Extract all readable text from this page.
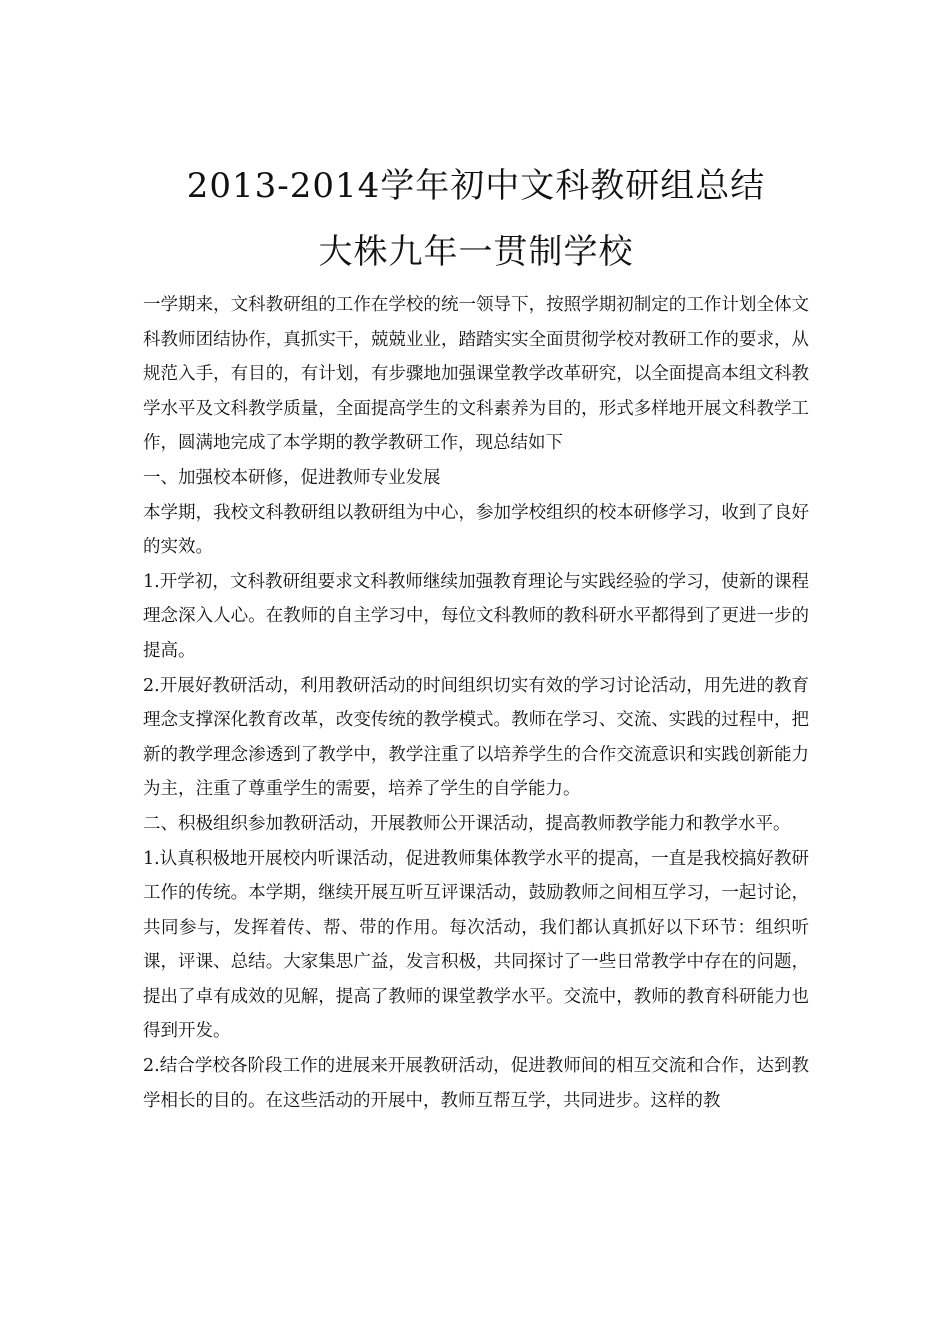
2013-2014学年初中文科教研组总结
大株九年一贯制学校

一学期来，文科教研组的工作在学校的统一领导下，按照学期初制定的工作计划全体文科教师团结协作，真抓实干，兢兢业业，踏踏实实全面贯彻学校对教研工作的要求，从规范入手，有目的，有计划，有步骤地加强课堂教学改革研究，以全面提高本组文科教学水平及文科教学质量，全面提高学生的文科素养为目的，形式多样地开展文科教学工作，圆满地完成了本学期的教学教研工作，现总结如下

一、加强校本研修，促进教师专业发展

本学期，我校文科教研组以教研组为中心，参加学校组织的校本研修学习，收到了良好的实效。

1.开学初，文科教研组要求文科教师继续加强教育理论与实践经验的学习，使新的课程理念深入人心。在教师的自主学习中，每位文科教师的教科研水平都得到了更进一步的提高。

2.开展好教研活动，利用教研活动的时间组织切实有效的学习讨论活动，用先进的教育理念支撑深化教育改革，改变传统的教学模式。教师在学习、交流、实践的过程中，把新的教学理念渗透到了教学中，教学注重了以培养学生的合作交流意识和实践创新能力为主，注重了尊重学生的需要，培养了学生的自学能力。

二、积极组织参加教研活动，开展教师公开课活动，提高教师教学能力和教学水平。

1.认真积极地开展校内听课活动，促进教师集体教学水平的提高，一直是我校搞好教研工作的传统。本学期，继续开展互听互评课活动，鼓励教师之间相互学习，一起讨论，共同参与，发挥着传、帮、带的作用。每次活动，我们都认真抓好以下环节：组织听课，评课、总结。大家集思广益，发言积极，共同探讨了一些日常教学中存在的问题，提出了卓有成效的见解，提高了教师的课堂教学水平。交流中，教师的教育科研能力也得到开发。

2.结合学校各阶段工作的进展来开展教研活动，促进教师间的相互交流和合作，达到教学相长的目的。在这些活动的开展中，教师互帮互学，共同进步。这样的教
